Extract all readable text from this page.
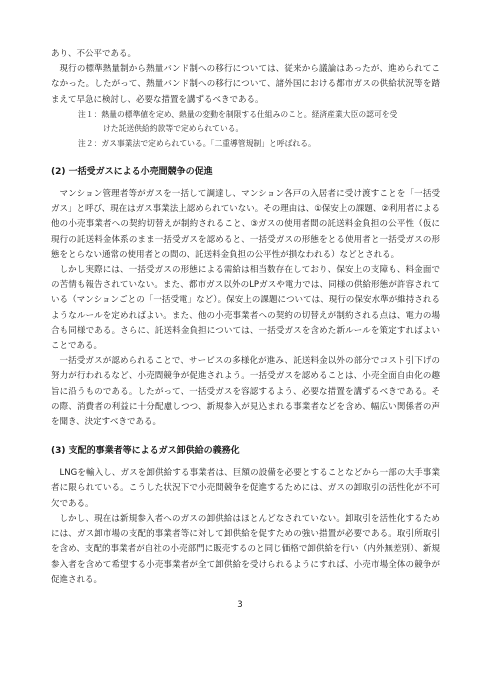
あり、不公平である。

現行の標準熱量制から熱量バンド制への移行については、従来から議論はあったが、進められてこなかった。したがって、熱量バンド制への移行について、諸外国における都市ガスの供給状況等を踏まえて早急に検討し、必要な措置を講ずるべきである。

注１：熱量の標準値を定め、熱量の変動を制限する仕組みのこと。経済産業大臣の認可を受

けた託送供給約款等で定められている。

注２：ガス事業法で定められている。「二重導管規制」と呼ばれる。

(2) 一括受ガスによる小売間競争の促進

マンション管理者等がガスを一括して調達し、マンション各戸の入居者に受け渡すことを「一括受ガス」と呼び、現在はガス事業法上認められていない。その理由は、①保安上の課題、②利用者による他の小売事業者への契約切替えが制約されること、③ガスの使用者間の託送料金負担の公平性（仮に現行の託送料金体系のまま一括受ガスを認めると、一括受ガスの形態をとる使用者と一括受ガスの形態をとらない通常の使用者との間の、託送料金負担の公平性が損なわれる）などとされる。

しかし実際には、一括受ガスの形態による需給は相当数存在しており、保安上の支障も、料金面での苦情も報告されていない。また、都市ガス以外のLPガスや電力では、同様の供給形態が許容されている（マンションごとの「一括受電」など）。保安上の課題については、現行の保安水準が維持されるようなルールを定めればよい。また、他の小売事業者への契約の切替えが制約される点は、電力の場合も同様である。さらに、託送料金負担については、一括受ガスを含めた新ルールを策定すればよいことである。

一括受ガスが認められることで、サービスの多様化が進み、託送料金以外の部分でコスト引下げの努力が行われるなど、小売間競争が促進されよう。一括受ガスを認めることは、小売全面自由化の趣旨に沿うものである。したがって、一括受ガスを容認するよう、必要な措置を講ずるべきである。その際、消費者の利益に十分配慮しつつ、新規参入が見込まれる事業者などを含め、幅広い関係者の声を聞き、決定すべきである。

(3) 支配的事業者等によるガス卸供給の義務化

LNGを輸入し、ガスを卸供給する事業者は、巨額の設備を必要とすることなどから一部の大手事業者に限られている。こうした状況下で小売間競争を促進するためには、ガスの卸取引の活性化が不可欠である。

しかし、現在は新規参入者へのガスの卸供給はほとんどなされていない。卸取引を活性化するためには、ガス卸市場の支配的事業者等に対して卸供給を促すための強い措置が必要である。取引所取引を含め、支配的事業者が自社の小売部門に販売するのと同じ価格で卸供給を行い（内外無差別）、新規参入者を含めて希望する小売事業者が全て卸供給を受けられるようにすれば、小売市場全体の競争が促進される。

3
